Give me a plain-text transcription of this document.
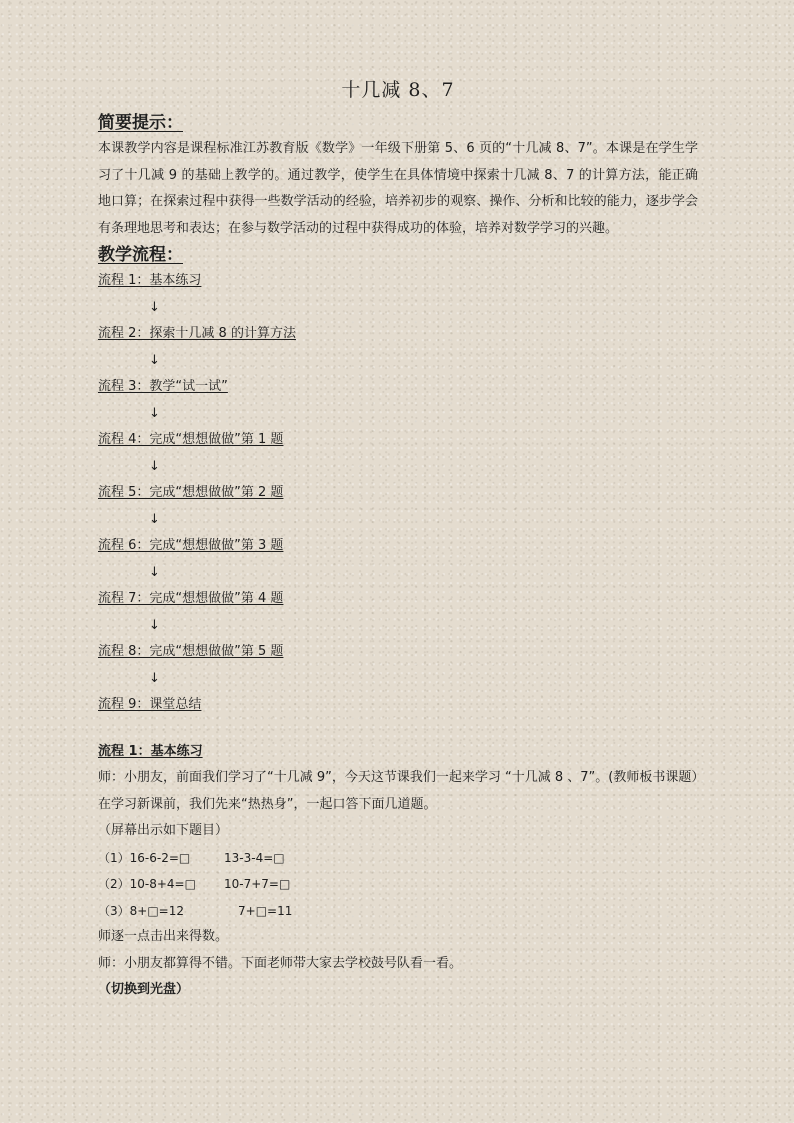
十几减 8、7
简要提示：

本课教学内容是课程标准江苏教育版《数学》一年级下册第 5、6 页的“十几减 8、7”。本课是在学生学习了十几减 9 的基础上教学的。通过教学，使学生在具体情境中探索十几减 8、7 的计算方法，能正确地口算；在探索过程中获得一些数学活动的经验，培养初步的观察、操作、分析和比较的能力，逐步学会有条理地思考和表达；在参与数学活动的过程中获得成功的体验，培养对数学学习的兴趣。

教学流程：
流程 1：基本练习
↓
流程 2：探索十几减 8 的计算方法
↓
流程 3：教学“试一试”
↓
流程 4：完成“想想做做”第 1 题
↓
流程 5：完成“想想做做”第 2 题
↓
流程 6：完成“想想做做”第 3 题
↓
流程 7：完成“想想做做”第 4 题
↓
流程 8：完成“想想做做”第 5 题
↓
流程 9：课堂总结
流程 1：基本练习

师：小朋友，前面我们学习了“十几减 9”，今天这节课我们一起来学习 “十几减 8 、7”。(教师板书课题）在学习新课前，我们先来“热热身”，一起口答下面几道题。

（屏幕出示如下题目）
（1）16-6-2=□	13-3-4=□
（2）10-8+4=□	10-7+7=□
（3）8+□=12	7+□=11
师逐一点击出来得数。
师：小朋友都算得不错。下面老师带大家去学校鼓号队看一看。
（切换到光盘）
